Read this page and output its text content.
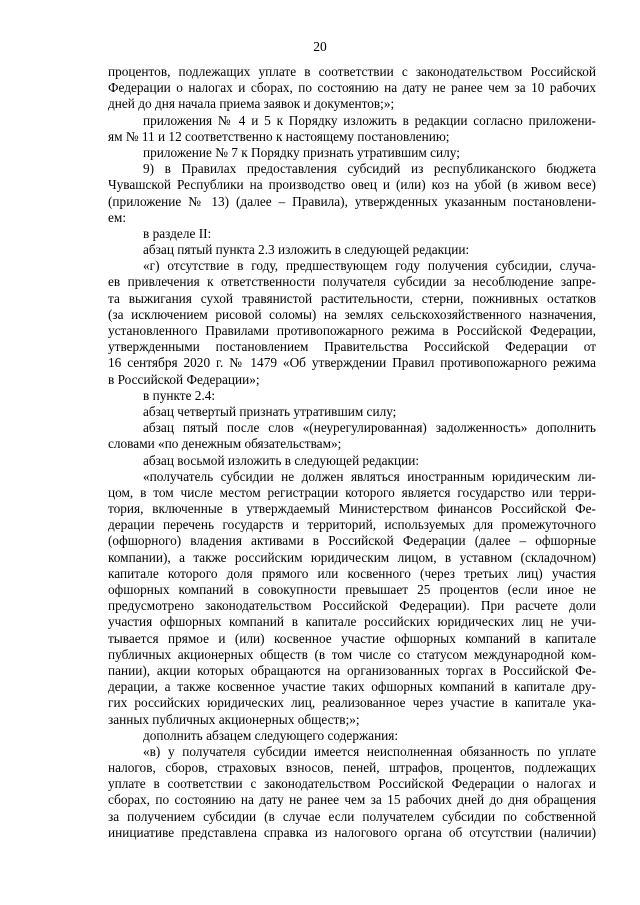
20
процентов, подлежащих уплате в соответствии с законодательством Российской
Федерации о налогах и сборах, по состоянию на дату не ранее чем за 10 рабочих
дней до дня начала приема заявок и документов;»;
приложения № 4 и 5 к Порядку изложить в редакции согласно приложени-
ям № 11 и 12 соответственно к настоящему постановлению;
приложение № 7 к Порядку признать утратившим силу;
9) в Правилах предоставления субсидий из республиканского бюджета
Чувашской Республики на производство овец и (или) коз на убой (в живом весе)
(приложение № 13) (далее – Правила), утвержденных указанным постановлени-
ем:
в разделе II:
абзац пятый пункта 2.3 изложить в следующей редакции:
«г) отсутствие в году, предшествующем году получения субсидии, случа-
ев привлечения к ответственности получателя субсидии за несоблюдение запре-
та выжигания сухой травянистой растительности, стерни, пожнивных остатков
(за исключением рисовой соломы) на землях сельскохозяйственного назначения,
установленного Правилами противопожарного режима в Российской Федерации,
утвержденными постановлением Правительства Российской Федерации от
16 сентября 2020 г. № 1479 «Об утверждении Правил противопожарного режима
в Российской Федерации»;
в пункте 2.4:
абзац четвертый признать утратившим силу;
абзац пятый после слов «(неурегулированная) задолженность» дополнить
словами «по денежным обязательствам»;
абзац восьмой изложить в следующей редакции:
«получатель субсидии не должен являться иностранным юридическим ли-
цом, в том числе местом регистрации которого является государство или терри-
тория, включенные в утверждаемый Министерством финансов Российской Фе-
дерации перечень государств и территорий, используемых для промежуточного
(офшорного) владения активами в Российской Федерации (далее – офшорные
компании), а также российским юридическим лицом, в уставном (складочном)
капитале которого доля прямого или косвенного (через третьих лиц) участия
офшорных компаний в совокупности превышает 25 процентов (если иное не
предусмотрено законодательством Российской Федерации). При расчете доли
участия офшорных компаний в капитале российских юридических лиц не учи-
тывается прямое и (или) косвенное участие офшорных компаний в капитале
публичных акционерных обществ (в том числе со статусом международной ком-
пании), акции которых обращаются на организованных торгах в Российской Фе-
дерации, а также косвенное участие таких офшорных компаний в капитале дру-
гих российских юридических лиц, реализованное через участие в капитале ука-
занных публичных акционерных обществ;»;
дополнить абзацем следующего содержания:
«в) у получателя субсидии имеется неисполненная обязанность по уплате
налогов, сборов, страховых взносов, пеней, штрафов, процентов, подлежащих
уплате в соответствии с законодательством Российской Федерации о налогах и
сборах, по состоянию на дату не ранее чем за 15 рабочих дней до дня обращения
за получением субсидии (в случае если получателем субсидии по собственной
инициативе представлена справка из налогового органа об отсутствии (наличии)
